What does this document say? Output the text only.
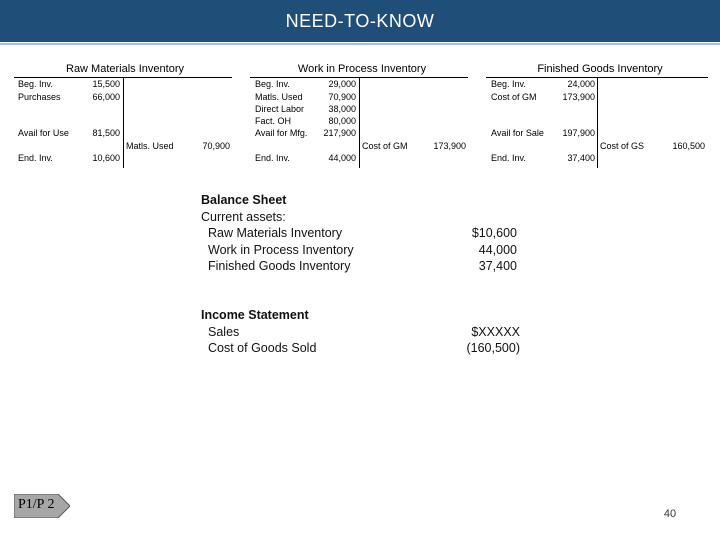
NEED-TO-KNOW
Raw Materials Inventory
Beg. Inv.	15,500
Purchases	66,000
Avail for Use	81,500
Matls. Used	70,900
End. Inv.	10,600
Work in Process Inventory
Beg. Inv.	29,000
Matls. Used	70,900
Direct Labor	38,000
Fact. OH	80,000
Avail for Mfg.	217,900
Cost of GM	173,900
End. Inv.	44,000
Finished Goods Inventory
Beg. Inv.	24,000
Cost of GM	173,900
Avail for Sale	197,900
Cost of GS	160,500
End. Inv.	37,400
Balance Sheet
Current assets:
Raw Materials Inventory	$10,600
Work in Process Inventory	44,000
Finished Goods Inventory	37,400
Income Statement
Sales	$XXXXX
Cost of Goods Sold	(160,500)
P1/P 2
40
